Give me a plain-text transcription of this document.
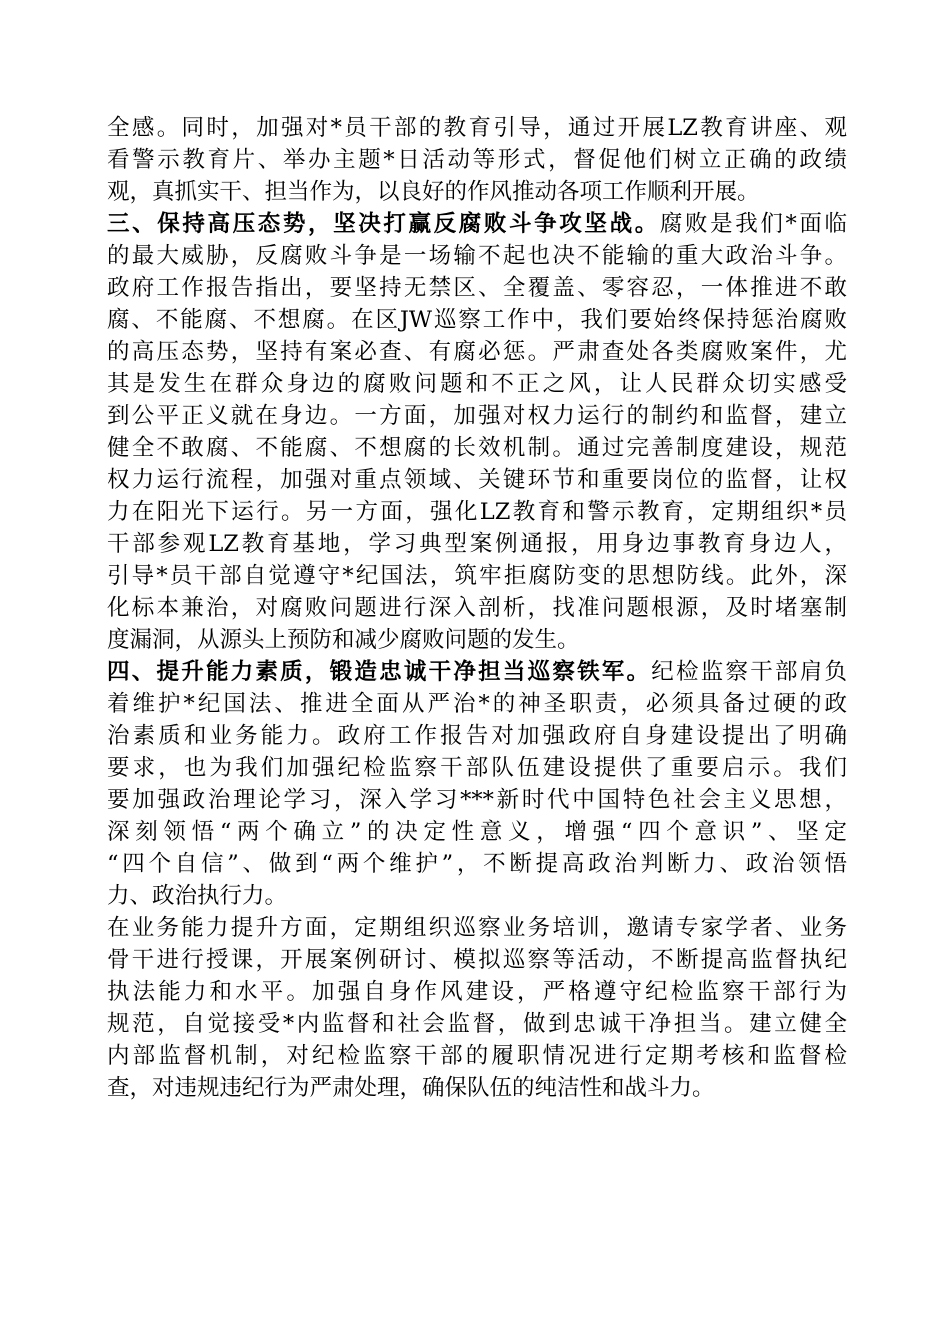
全感。同时，加强对*员干部的教育引导，通过开展LZ教育讲座、观
看警示教育片、举办主题*日活动等形式，督促他们树立正确的政绩
观，真抓实干、担当作为，以良好的作风推动各项工作顺利开展。
三、保持高压态势，坚决打赢反腐败斗争攻坚战。腐败是我们*面临
的最大威胁，反腐败斗争是一场输不起也决不能输的重大政治斗争。
政府工作报告指出，要坚持无禁区、全覆盖、零容忍，一体推进不敢
腐、不能腐、不想腐。在区JW巡察工作中，我们要始终保持惩治腐败
的高压态势，坚持有案必查、有腐必惩。严肃查处各类腐败案件，尤
其是发生在群众身边的腐败问题和不正之风，让人民群众切实感受
到公平正义就在身边。一方面，加强对权力运行的制约和监督，建立
健全不敢腐、不能腐、不想腐的长效机制。通过完善制度建设，规范
权力运行流程，加强对重点领域、关键环节和重要岗位的监督，让权
力在阳光下运行。另一方面，强化LZ教育和警示教育，定期组织*员
干部参观LZ教育基地，学习典型案例通报，用身边事教育身边人，
引导*员干部自觉遵守*纪国法，筑牢拒腐防变的思想防线。此外，深
化标本兼治，对腐败问题进行深入剖析，找准问题根源，及时堵塞制
度漏洞，从源头上预防和减少腐败问题的发生。
四、提升能力素质，锻造忠诚干净担当巡察铁军。纪检监察干部肩负
着维护*纪国法、推进全面从严治*的神圣职责，必须具备过硬的政
治素质和业务能力。政府工作报告对加强政府自身建设提出了明确
要求，也为我们加强纪检监察干部队伍建设提供了重要启示。我们
要加强政治理论学习，深入学习***新时代中国特色社会主义思想，
深刻领悟“两个确立”的决定性意义，增强“四个意识”、坚定
“四个自信”、做到“两个维护”，不断提高政治判断力、政治领悟
力、政治执行力。
在业务能力提升方面，定期组织巡察业务培训，邀请专家学者、业务
骨干进行授课，开展案例研讨、模拟巡察等活动，不断提高监督执纪
执法能力和水平。加强自身作风建设，严格遵守纪检监察干部行为
规范，自觉接受*内监督和社会监督，做到忠诚干净担当。建立健全
内部监督机制，对纪检监察干部的履职情况进行定期考核和监督检
查，对违规违纪行为严肃处理，确保队伍的纯洁性和战斗力。
